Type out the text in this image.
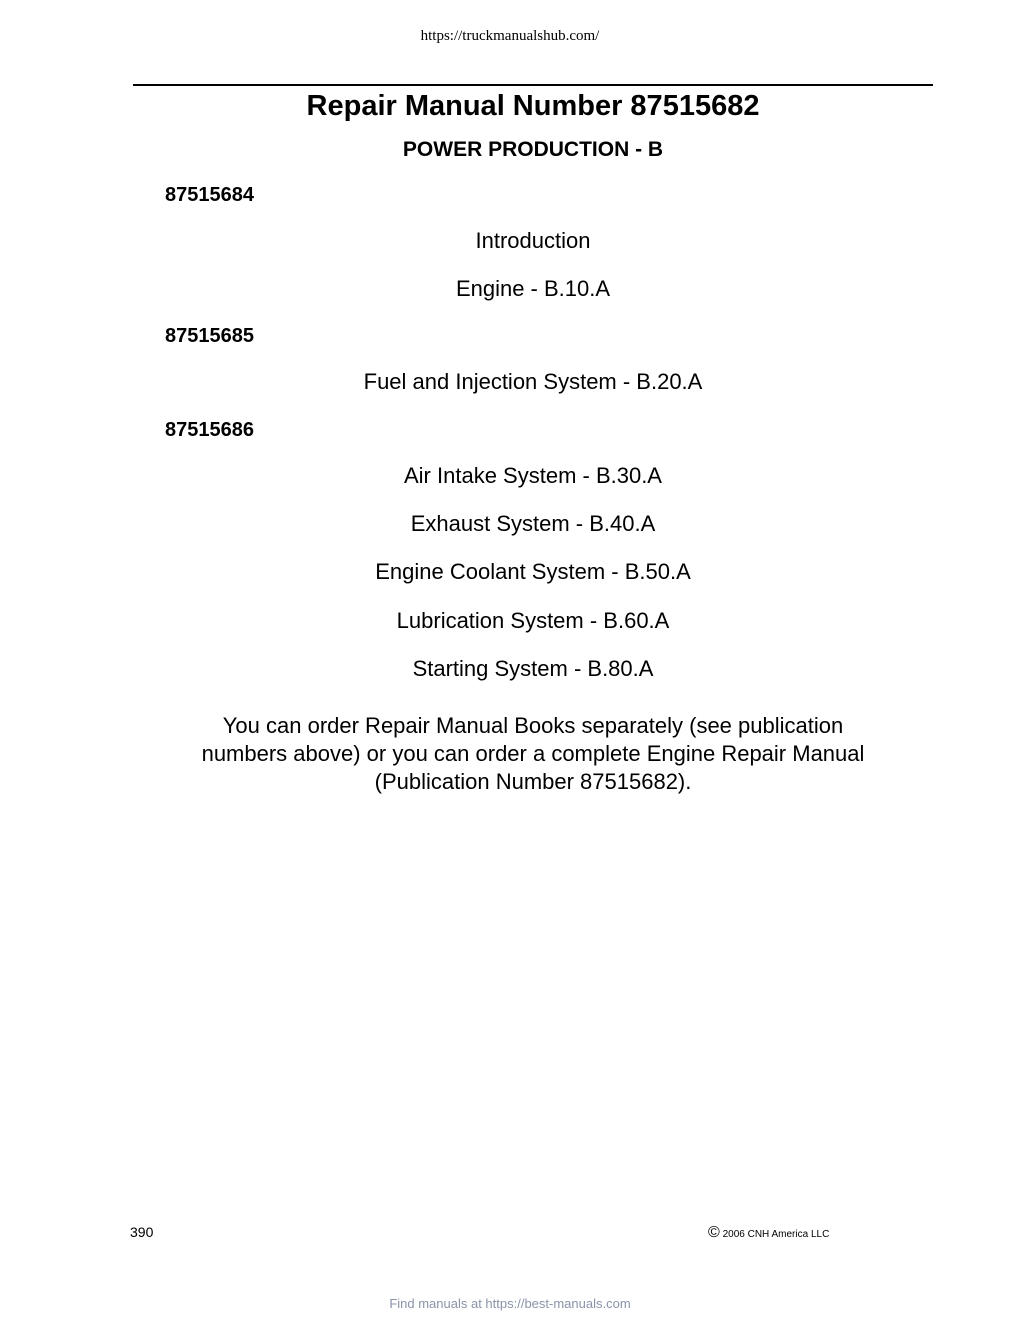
https://truckmanualshub.com/
Repair Manual Number 87515682
POWER PRODUCTION - B
87515684
Introduction
Engine - B.10.A
87515685
Fuel and Injection System - B.20.A
87515686
Air Intake System - B.30.A
Exhaust System - B.40.A
Engine Coolant System - B.50.A
Lubrication System - B.60.A
Starting System - B.80.A
You can order Repair Manual Books separately (see publication
numbers above) or you can order a complete Engine Repair Manual
(Publication Number 87515682).
390	© 2006 CNH America LLC
Find manuals at https://best-manuals.com
